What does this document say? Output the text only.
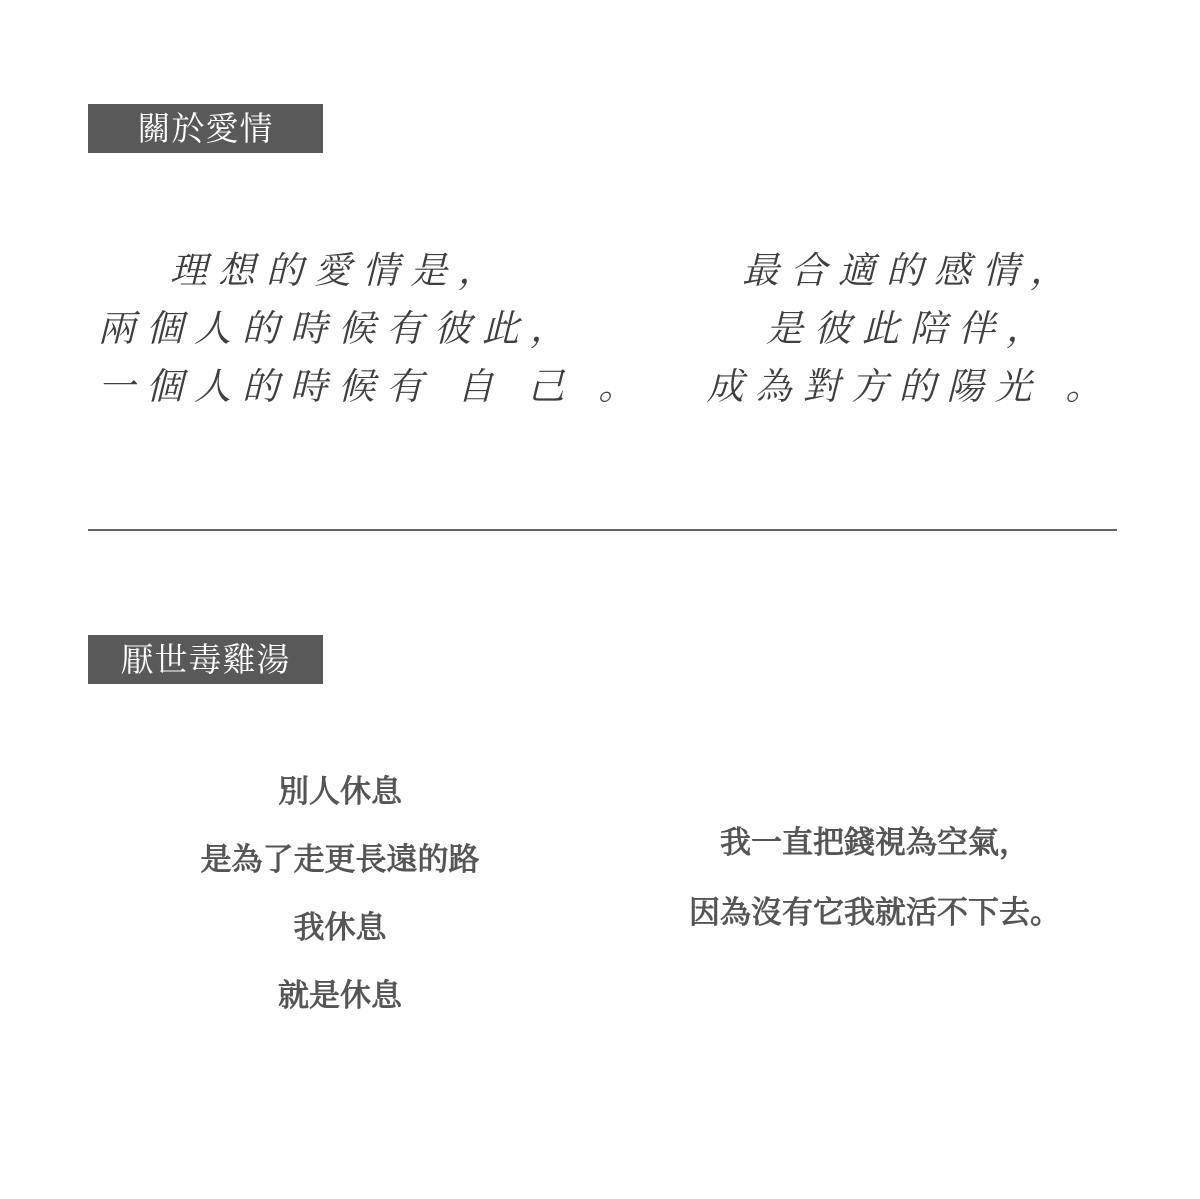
關於愛情
理想的愛情是，
兩個人的時候有彼此，
一個人的時候有 自 己 。
最合適的感情，
是彼此陪伴，
成為對方的陽光 。
厭世毒雞湯
別人休息
是為了走更長遠的路
我休息
就是休息
我一直把錢視為空氣，
因為沒有它我就活不下去。
